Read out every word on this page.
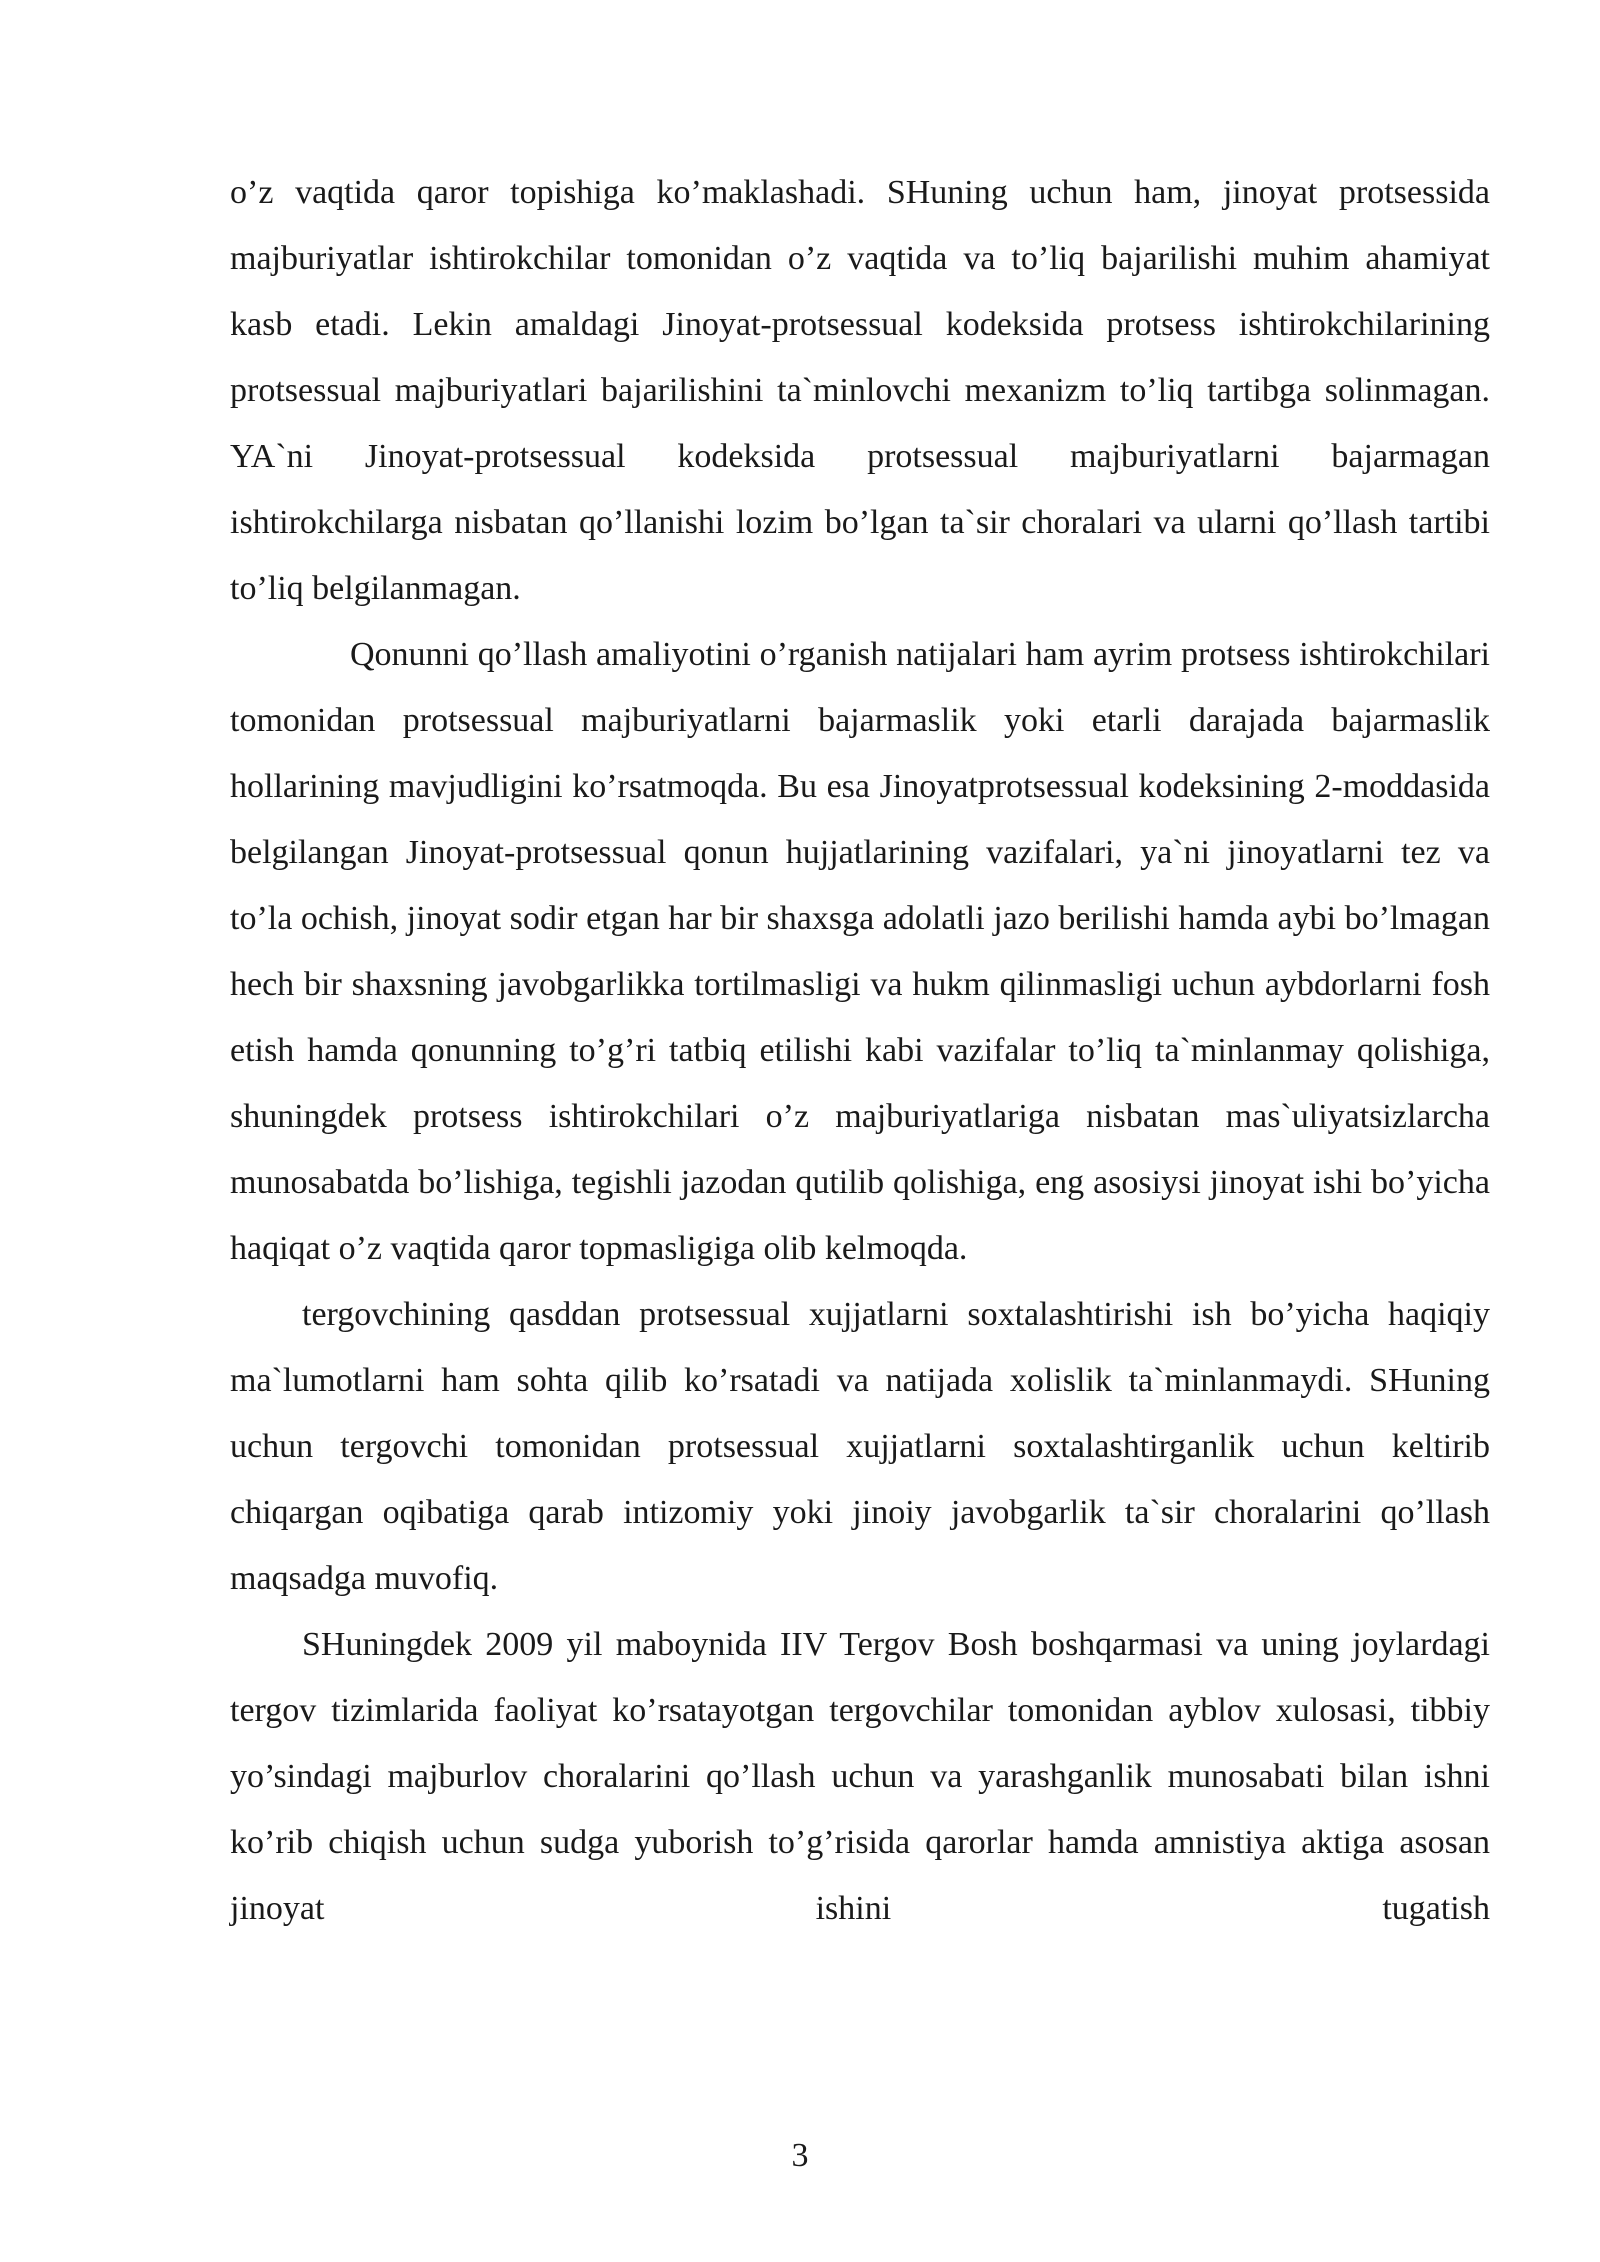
o’z vaqtida qaror topishiga ko’maklashadi. SHuning uchun ham, jinoyat protsessida majburiyatlar ishtirokchilar tomonidan o’z vaqtida va to’liq bajarilishi muhim ahamiyat kasb etadi. Lekin amaldagi Jinoyat-protsessual kodeksida protsess ishtirokchilarining protsessual majburiyatlari bajarilishini ta`minlovchi mexanizm to’liq tartibga solinmagan. YA`ni Jinoyat-protsessual kodeksida protsessual majburiyatlarni bajarmagan ishtirokchilarga nisbatan qo’llanishi lozim bo’lgan ta`sir choralari va ularni qo’llash tartibi to’liq belgilanmagan.

Qonunni qo’llash amaliyotini o’rganish natijalari ham ayrim protsess ishtirokchilari tomonidan protsessual majburiyatlarni bajarmaslik yoki etarli darajada bajarmaslik hollarining mavjudligini ko’rsatmoqda. Bu esa Jinoyatprotsessual kodeksining 2-moddasida belgilangan Jinoyat-protsessual qonun hujjatlarining vazifalari, ya`ni jinoyatlarni tez va to’la ochish, jinoyat sodir etgan har bir shaxsga adolatli jazo berilishi hamda aybi bo’lmagan hech bir shaxsning javobgarlikka tortilmasligi va hukm qilinmasligi uchun aybdorlarni fosh etish hamda qonunning to’g’ri tatbiq etilishi kabi vazifalar to’liq ta`minlanmay qolishiga, shuningdek protsess ishtirokchilari o’z majburiyatlariga nisbatan mas`uliyatsizlarcha munosabatda bo’lishiga, tegishli jazodan qutilib qolishiga, eng asosiysi jinoyat ishi bo’yicha haqiqat o’z vaqtida qaror topmasligiga olib kelmoqda.

tergovchining qasddan protsessual xujjatlarni soxtalashtirishi ish bo’yicha haqiqiy ma`lumotlarni ham sohta qilib ko’rsatadi va natijada xolislik ta`minlanmaydi. SHuning uchun tergovchi tomonidan protsessual xujjatlarni soxtalashtirganlik uchun keltirib chiqargan oqibatiga qarab intizomiy yoki jinoiy javobgarlik ta`sir choralarini qo’llash maqsadga muvofiq.

SHuningdek 2009 yil maboynida IIV Tergov Bosh boshqarmasi va uning joylardagi tergov tizimlarida faoliyat ko’rsatayotgan tergovchilar tomonidan ayblov xulosasi, tibbiy yo’sindagi majburlov choralarini qo’llash uchun va yarashganlik munosabati bilan ishni ko’rib chiqish uchun sudga yuborish to’g’risida qarorlar hamda amnistiya aktiga asosan jinoyat ishini tugatish

3
